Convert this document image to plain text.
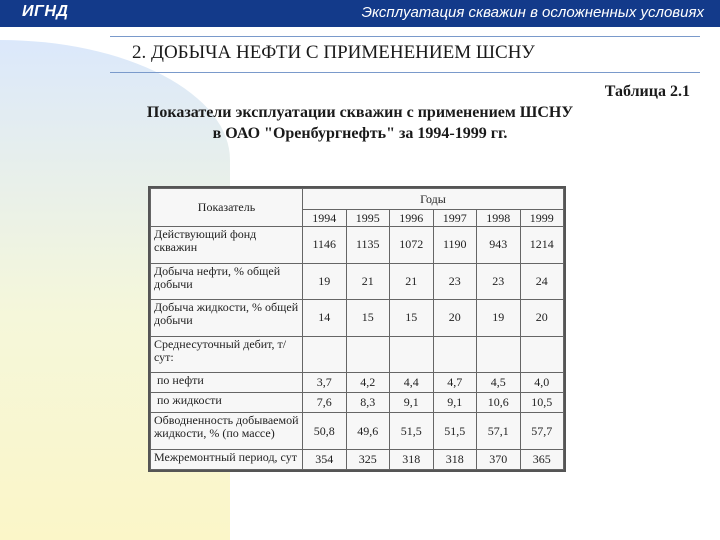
ИГНД	Эксплуатация скважин в осложненных условиях
2. ДОБЫЧА НЕФТИ С ПРИМЕНЕНИЕМ ШСНУ
Таблица 2.1
Показатели эксплуатации скважин с применением ШСНУ
в ОАО "Оренбургнефть" за 1994-1999 гг.
Показатель	Годы					
	1994	1995	1996	1997	1998	1999
Действующий фонд скважин	1146	1135	1072	1190	943	1214
Добыча нефти, % общей добычи	19	21	21	23	23	24
Добыча жидкости, % общей добычи	14	15	15	20	19	20
Среднесуточный дебит, т/сут:						
по нефти	3,7	4,2	4,4	4,7	4,5	4,0
по жидкости	7,6	8,3	9,1	9,1	10,6	10,5
Обводненность добываемой жидкости, % (по массе)	50,8	49,6	51,5	51,5	57,1	57,7
Межремонтный период, сут	354	325	318	318	370	365
